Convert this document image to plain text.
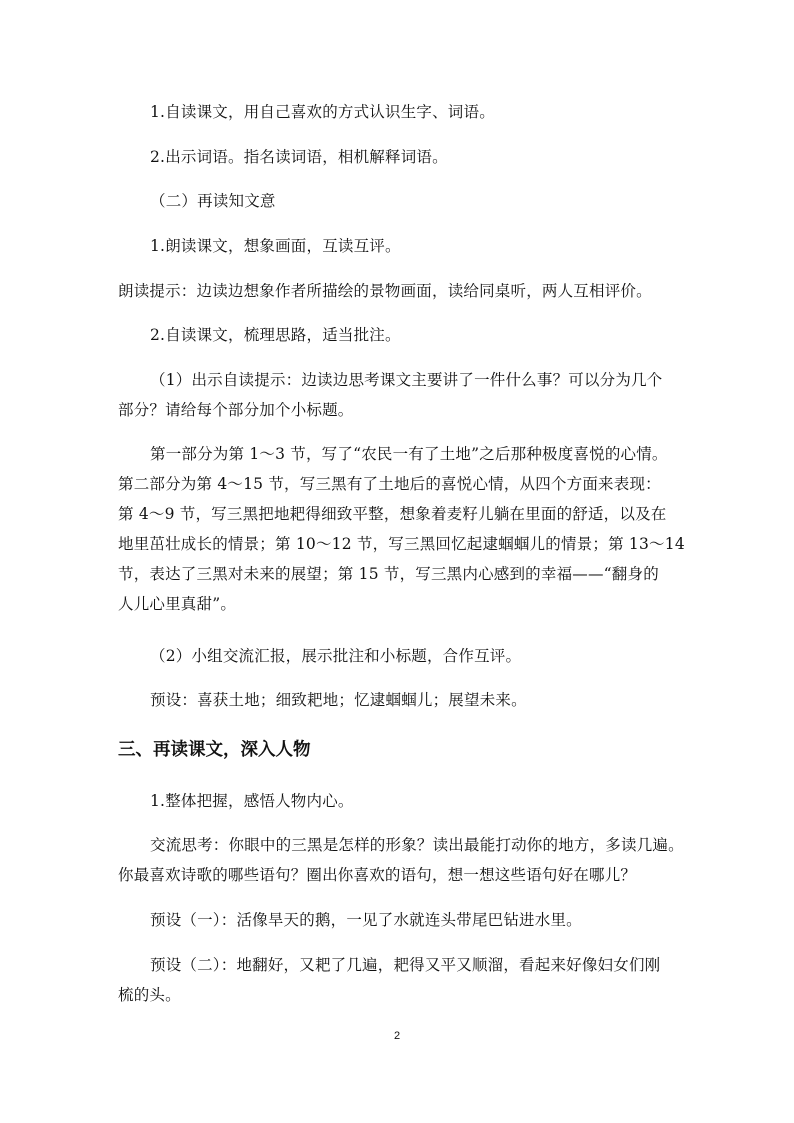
1.自读课文，用自己喜欢的方式认识生字、词语。
2.出示词语。指名读词语，相机解释词语。
（二）再读知文意
1.朗读课文，想象画面，互读互评。
朗读提示：边读边想象作者所描绘的景物画面，读给同桌听，两人互相评价。
2.自读课文，梳理思路，适当批注。
（1）出示自读提示：边读边思考课文主要讲了一件什么事？可以分为几个
部分？请给每个部分加个小标题。
第一部分为第 1～3 节，写了“农民一有了土地”之后那种极度喜悦的心情。
第二部分为第 4～15 节，写三黑有了土地后的喜悦心情，从四个方面来表现：
第 4～9 节，写三黑把地耙得细致平整，想象着麦籽儿躺在里面的舒适，以及在
地里茁壮成长的情景；第 10～12 节，写三黑回忆起逮蝈蝈儿的情景；第 13～14
节，表达了三黑对未来的展望；第 15 节，写三黑内心感到的幸福——“翻身的
人儿心里真甜”。
（2）小组交流汇报，展示批注和小标题，合作互评。
预设：喜获土地；细致耙地；忆逮蝈蝈儿；展望未来。
三、再读课文，深入人物
1.整体把握，感悟人物内心。
交流思考：你眼中的三黑是怎样的形象？读出最能打动你的地方，多读几遍。
你最喜欢诗歌的哪些语句？圈出你喜欢的语句，想一想这些语句好在哪儿？
预设（一）：活像旱天的鹅，一见了水就连头带尾巴钻进水里。
预设（二）：地翻好，又耙了几遍，耙得又平又顺溜，看起来好像妇女们刚
梳的头。
2
